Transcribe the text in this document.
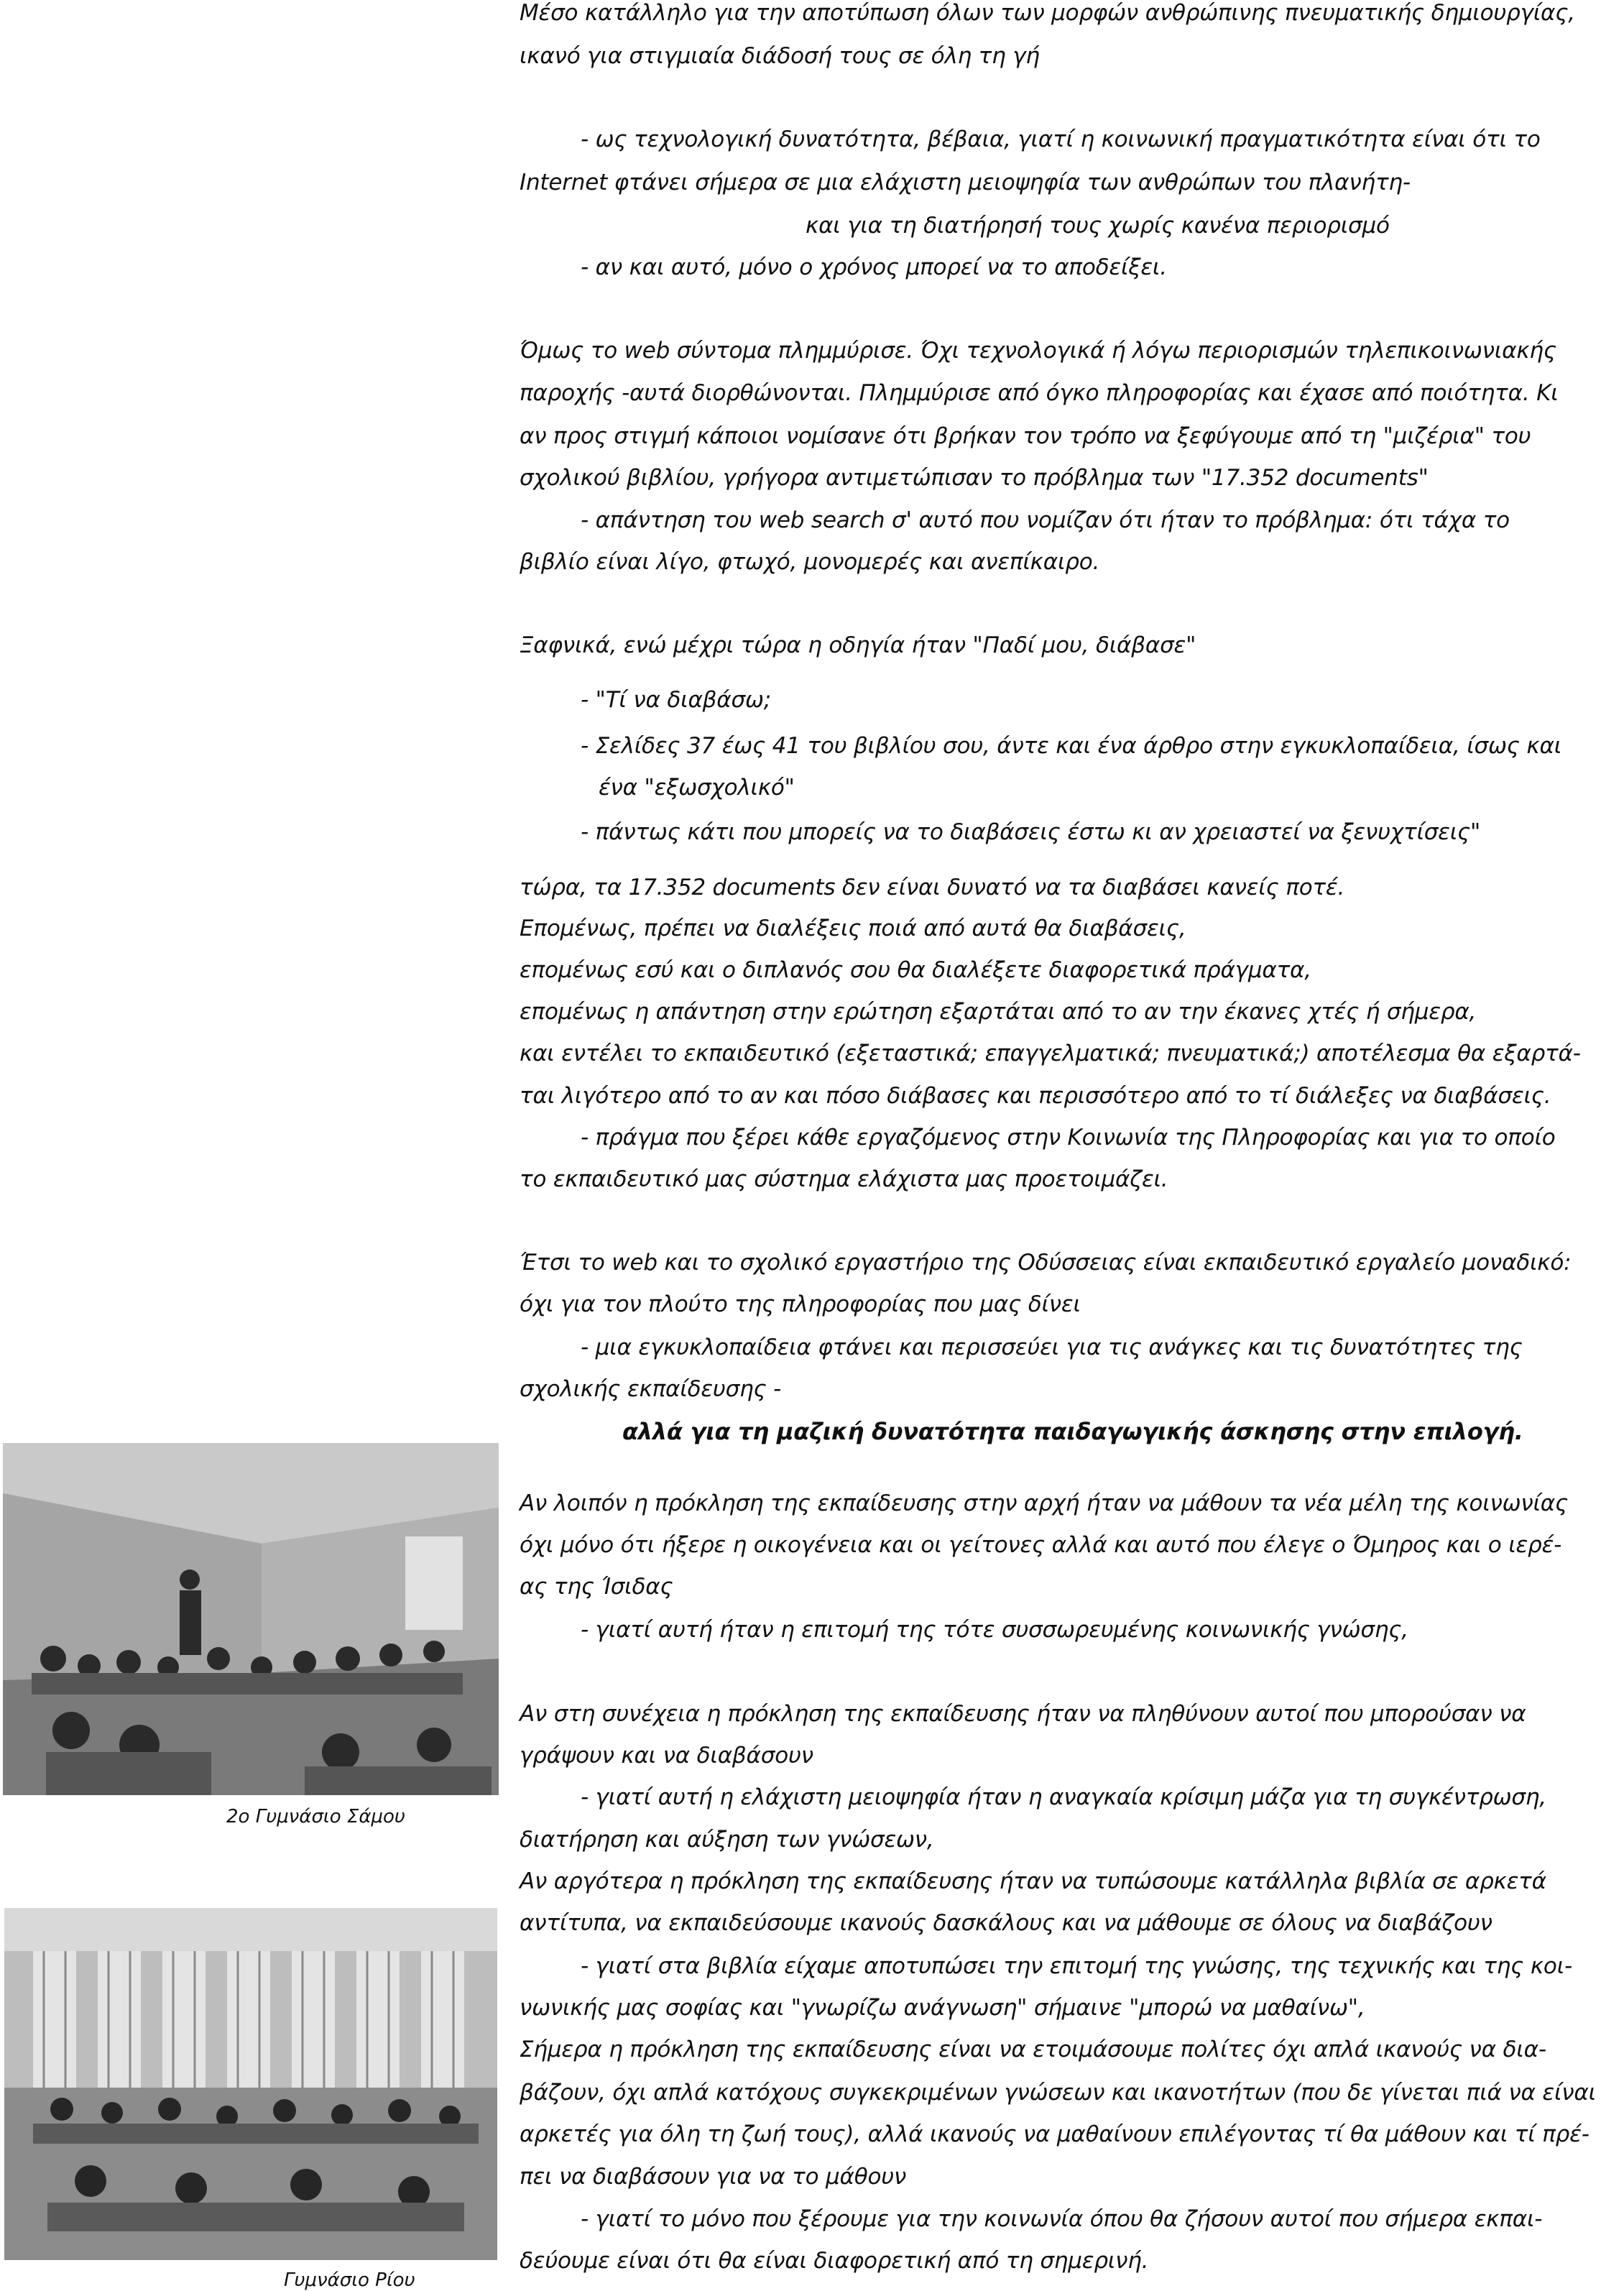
Μέσο κατάλληλο για την αποτύπωση όλων των μορφών ανθρώπινης πνευματικής δημιουργίας,
ικανό για στιγμιαία διάδοσή τους σε όλη τη γή
- ως τεχνολογική δυνατότητα, βέβαια, γιατί η κοινωνική πραγματικότητα είναι ότι το
Internet φτάνει σήμερα σε μια ελάχιστη μειοψηφία των ανθρώπων του πλανήτη-
και για τη διατήρησή τους χωρίς κανένα περιορισμό
- αν και αυτό, μόνο ο χρόνος μπορεί να το αποδείξει.
Όμως το web σύντομα πλημμύρισε. Όχι τεχνολογικά ή λόγω περιορισμών τηλεπικοινωνιακής
παροχής -αυτά διορθώνονται. Πλημμύρισε από όγκο πληροφορίας και έχασε από ποιότητα. Κι
αν προς στιγμή κάποιοι νομίσανε ότι βρήκαν τον τρόπο να ξεφύγουμε από τη "μιζέρια" του
σχολικού βιβλίου, γρήγορα αντιμετώπισαν το πρόβλημα των "17.352 documents"
- απάντηση του web search σ' αυτό που νομίζαν ότι ήταν το πρόβλημα: ότι τάχα το
βιβλίο είναι λίγο, φτωχό, μονομερές και ανεπίκαιρο.
Ξαφνικά, ενώ μέχρι τώρα η οδηγία ήταν "Παδί μου, διάβασε"
- "Τί να διαβάσω;
- Σελίδες 37 έως 41 του βιβλίου σου, άντε και ένα άρθρο στην εγκυκλοπαίδεια, ίσως και
ένα "εξωσχολικό"
- πάντως κάτι που μπορείς να το διαβάσεις έστω κι αν χρειαστεί να ξενυχτίσεις"
τώρα, τα 17.352 documents δεν είναι δυνατό να τα διαβάσει κανείς ποτέ.
Επομένως, πρέπει να διαλέξεις ποιά από αυτά θα διαβάσεις,
επομένως εσύ και ο διπλανός σου θα διαλέξετε διαφορετικά πράγματα,
επομένως η απάντηση στην ερώτηση εξαρτάται από το αν την έκανες χτές ή σήμερα,
και εντέλει το εκπαιδευτικό (εξεταστικά; επαγγελματικά; πνευματικά;) αποτέλεσμα θα εξαρτά-
ται λιγότερο από το αν και πόσο διάβασες και περισσότερο από το τί διάλεξες να διαβάσεις.
- πράγμα που ξέρει κάθε εργαζόμενος στην Κοινωνία της Πληροφορίας και για το οποίο
το εκπαιδευτικό μας σύστημα ελάχιστα μας προετοιμάζει.
Έτσι το web και το σχολικό εργαστήριο της Οδύσσειας είναι εκπαιδευτικό εργαλείο μοναδικό:
όχι για τον πλούτο της πληροφορίας που μας δίνει
- μια εγκυκλοπαίδεια φτάνει και περισσεύει για τις ανάγκες και τις δυνατότητες της
σχολικής εκπαίδευσης -
αλλά για τη μαζική δυνατότητα παιδαγωγικής άσκησης στην επιλογή.
2ο Γυμνάσιο Σάμου
Αν λοιπόν η πρόκληση της εκπαίδευσης στην αρχή ήταν να μάθουν τα νέα μέλη της κοινωνίας
όχι μόνο ότι ήξερε η οικογένεια και οι γείτονες αλλά και αυτό που έλεγε ο Όμηρος και ο ιερέ-
ας της Ίσιδας
- γιατί αυτή ήταν η επιτομή της τότε συσσωρευμένης κοινωνικής γνώσης,
Αν στη συνέχεια η πρόκληση της εκπαίδευσης ήταν να πληθύνουν αυτοί που μπορούσαν να
γράψουν και να διαβάσουν
- γιατί αυτή η ελάχιστη μειοψηφία ήταν η αναγκαία κρίσιμη μάζα για τη συγκέντρωση,
διατήρηση και αύξηση των γνώσεων,
Αν αργότερα η πρόκληση της εκπαίδευσης ήταν να τυπώσουμε κατάλληλα βιβλία σε αρκετά
αντίτυπα, να εκπαιδεύσουμε ικανούς δασκάλους και να μάθουμε σε όλους να διαβάζουν
- γιατί στα βιβλία είχαμε αποτυπώσει την επιτομή της γνώσης, της τεχνικής και της κοι-
νωνικής μας σοφίας και "γνωρίζω ανάγνωση" σήμαινε "μπορώ να μαθαίνω",
Σήμερα η πρόκληση της εκπαίδευσης είναι να ετοιμάσουμε πολίτες όχι απλά ικανούς να δια-
βάζουν, όχι απλά κατόχους συγκεκριμένων γνώσεων και ικανοτήτων (που δε γίνεται πιά να είναι
αρκετές για όλη τη ζωή τους), αλλά ικανούς να μαθαίνουν επιλέγοντας τί θα μάθουν και τί πρέ-
πει να διαβάσουν για να το μάθουν
- γιατί το μόνο που ξέρουμε για την κοινωνία όπου θα ζήσουν αυτοί που σήμερα εκπαι-
δεύουμε είναι ότι θα είναι διαφορετική από τη σημερινή.
Γυμνάσιο Ρίου
